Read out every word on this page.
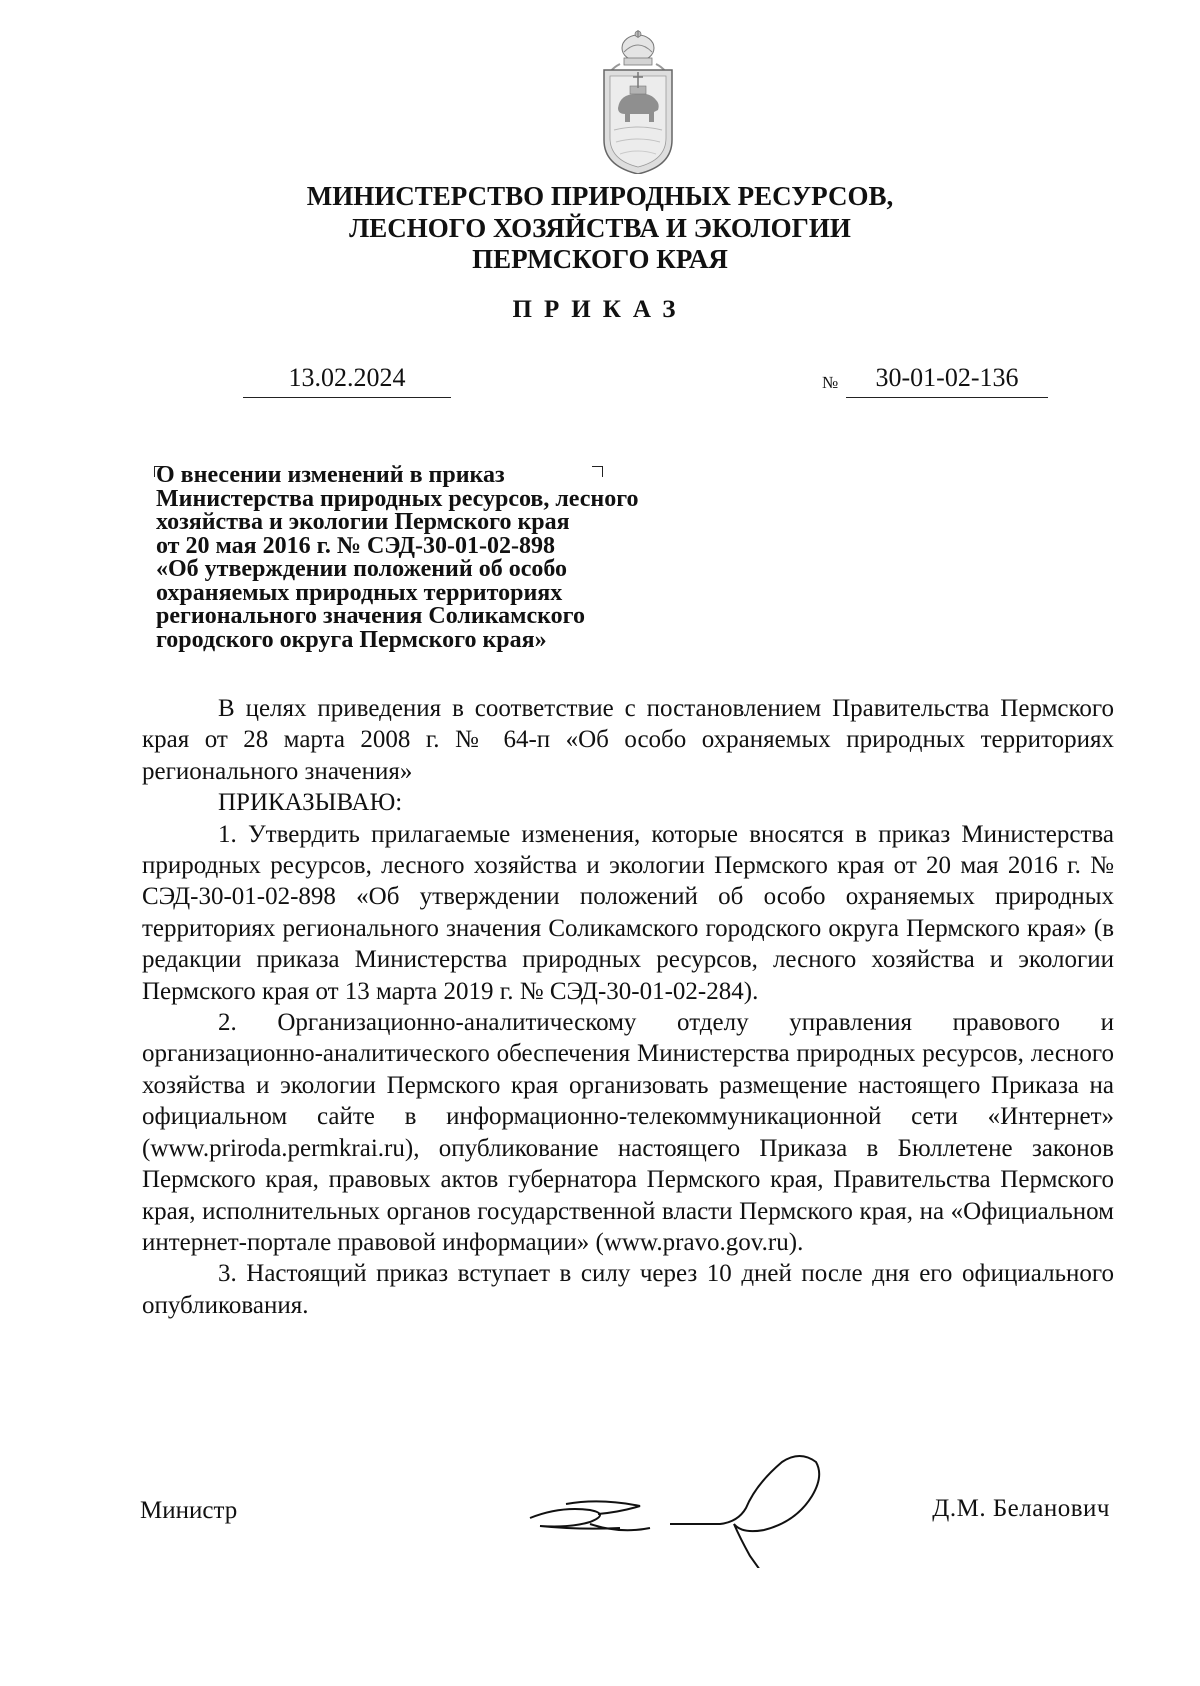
МИНИСТЕРСТВО ПРИРОДНЫХ РЕСУРСОВ,
ЛЕСНОГО ХОЗЯЙСТВА И ЭКОЛОГИИ
ПЕРМСКОГО КРАЯ
ПРИКАЗ
13.02.2024	№	30-01-02-136
О внесении изменений в приказ
Министерства природных ресурсов, лесного
хозяйства и экологии Пермского края
от 20 мая 2016 г. № СЭД-30-01-02-898
«Об утверждении положений об особо
охраняемых природных территориях
регионального значения Соликамского
городского округа Пермского края»

В целях приведения в соответствие с постановлением Правительства Пермского края от 28 марта 2008 г. № 64-п «Об особо охраняемых природных территориях регионального значения»

ПРИКАЗЫВАЮ:

1. Утвердить прилагаемые изменения, которые вносятся в приказ Министерства природных ресурсов, лесного хозяйства и экологии Пермского края от 20 мая 2016 г. № СЭД-30-01-02-898 «Об утверждении положений об особо охраняемых природных территориях регионального значения Соликамского городского округа Пермского края» (в редакции приказа Министерства природных ресурсов, лесного хозяйства и экологии Пермского края от 13 марта 2019 г. № СЭД-30-01-02-284).

2. Организационно-аналитическому отделу управления правового и организационно-аналитического обеспечения Министерства природных ресурсов, лесного хозяйства и экологии Пермского края организовать размещение настоящего Приказа на официальном сайте в информационно-телекоммуникационной сети «Интернет» (www.priroda.permkrai.ru), опубликование настоящего Приказа в Бюллетене законов Пермского края, правовых актов губернатора Пермского края, Правительства Пермского края, исполнительных органов государственной власти Пермского края, на «Официальном интернет-портале правовой информации» (www.pravo.gov.ru).

3. Настоящий приказ вступает в силу через 10 дней после дня его официального опубликования.

Министр	Д.М. Беланович
